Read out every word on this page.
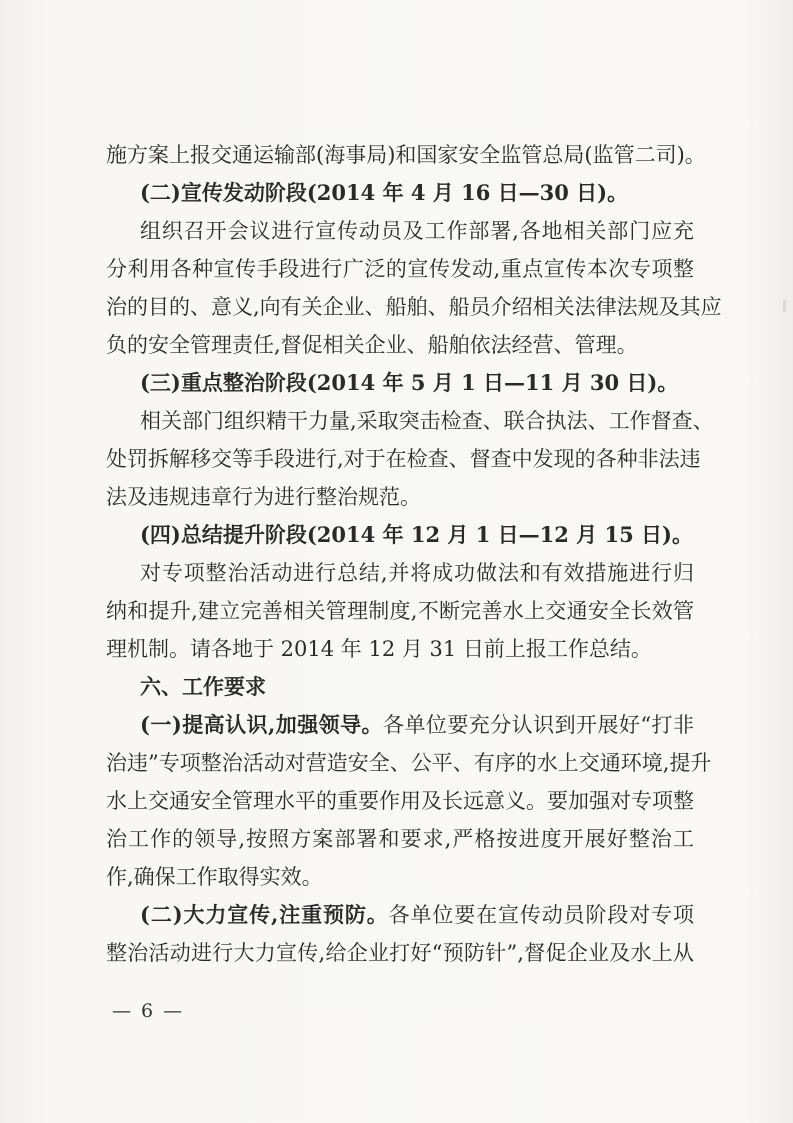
施方案上报交通运输部(海事局)和国家安全监管总局(监管二司)。
(二)宣传发动阶段(2014 年 4 月 16 日—30 日)。
组织召开会议进行宣传动员及工作部署,各地相关部门应充
分利用各种宣传手段进行广泛的宣传发动,重点宣传本次专项整
治的目的、意义,向有关企业、船舶、船员介绍相关法律法规及其应
负的安全管理责任,督促相关企业、船舶依法经营、管理。
(三)重点整治阶段(2014 年 5 月 1 日—11 月 30 日)。
相关部门组织精干力量,采取突击检查、联合执法、工作督查、
处罚拆解移交等手段进行,对于在检查、督查中发现的各种非法违
法及违规违章行为进行整治规范。
(四)总结提升阶段(2014 年 12 月 1 日—12 月 15 日)。
对专项整治活动进行总结,并将成功做法和有效措施进行归
纳和提升,建立完善相关管理制度,不断完善水上交通安全长效管
理机制。请各地于 2014 年 12 月 31 日前上报工作总结。
六、工作要求
(一)提高认识,加强领导。各单位要充分认识到开展好“打非
治违”专项整治活动对营造安全、公平、有序的水上交通环境,提升
水上交通安全管理水平的重要作用及长远意义。要加强对专项整
治工作的领导,按照方案部署和要求,严格按进度开展好整治工
作,确保工作取得实效。
(二)大力宣传,注重预防。各单位要在宣传动员阶段对专项
整治活动进行大力宣传,给企业打好“预防针”,督促企业及水上从
— 6 —
